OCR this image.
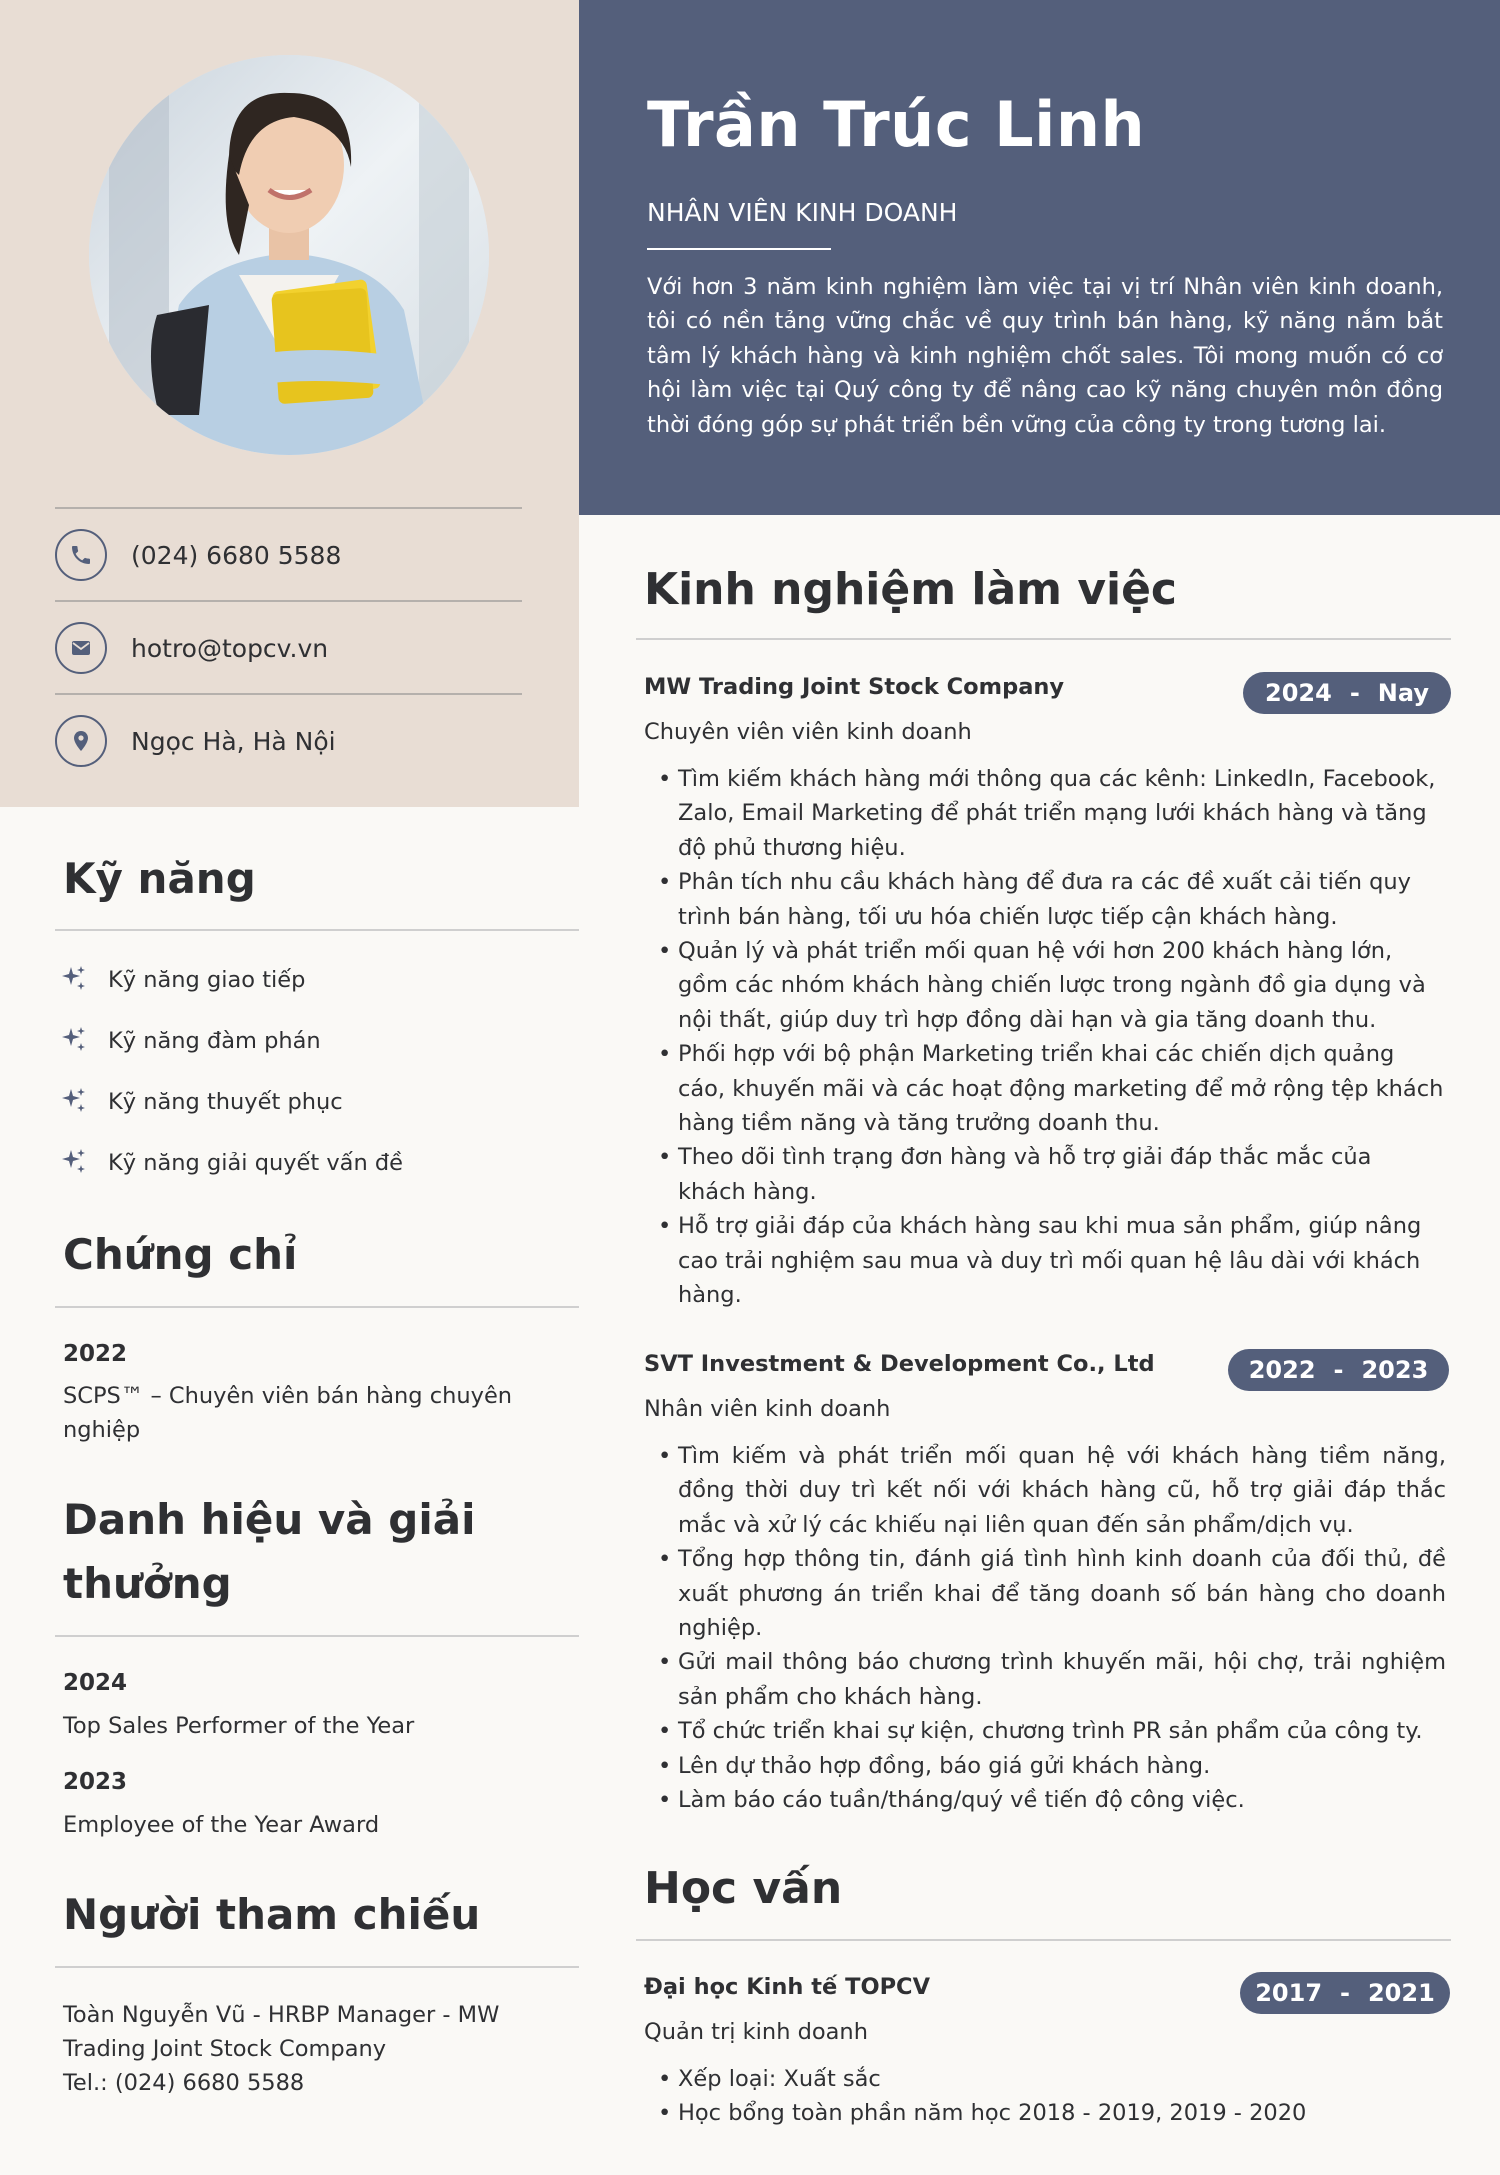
Trần Trúc Linh
NHÂN VIÊN KINH DOANH
Với hơn 3 năm kinh nghiệm làm việc tại vị trí Nhân viên kinh doanh, tôi có nền tảng vững chắc về quy trình bán hàng, kỹ năng nắm bắt tâm lý khách hàng và kinh nghiệm chốt sales. Tôi mong muốn có cơ hội làm việc tại Quý công ty để nâng cao kỹ năng chuyên môn đồng thời đóng góp sự phát triển bền vững của công ty trong tương lai.
(024) 6680 5588
hotro@topcv.vn
Ngọc Hà, Hà Nội
Kỹ năng
Kỹ năng giao tiếp
Kỹ năng đàm phán
Kỹ năng thuyết phục
Kỹ năng giải quyết vấn đề
Chứng chỉ
2022
SCPS™ – Chuyên viên bán hàng chuyên nghiệp
Danh hiệu và giải
thưởng
2024
Top Sales Performer of the Year
2023
Employee of the Year Award
Người tham chiếu
Toàn Nguyễn Vũ - HRBP Manager - MW
Trading Joint Stock Company
Tel.: (024) 6680 5588
Kinh nghiệm làm việc
MW Trading Joint Stock Company	2024 - Nay
Chuyên viên viên kinh doanh
• Tìm kiếm khách hàng mới thông qua các kênh: LinkedIn, Facebook, Zalo, Email Marketing để phát triển mạng lưới khách hàng và tăng độ phủ thương hiệu.
• Phân tích nhu cầu khách hàng để đưa ra các đề xuất cải tiến quy trình bán hàng, tối ưu hóa chiến lược tiếp cận khách hàng.
• Quản lý và phát triển mối quan hệ với hơn 200 khách hàng lớn, gồm các nhóm khách hàng chiến lược trong ngành đồ gia dụng và nội thất, giúp duy trì hợp đồng dài hạn và gia tăng doanh thu.
• Phối hợp với bộ phận Marketing triển khai các chiến dịch quảng cáo, khuyến mãi và các hoạt động marketing để mở rộng tệp khách hàng tiềm năng và tăng trưởng doanh thu.
• Theo dõi tình trạng đơn hàng và hỗ trợ giải đáp thắc mắc của khách hàng.
• Hỗ trợ giải đáp của khách hàng sau khi mua sản phẩm, giúp nâng cao trải nghiệm sau mua và duy trì mối quan hệ lâu dài với khách hàng.
SVT Investment & Development Co., Ltd	2022 - 2023
Nhân viên kinh doanh
• Tìm kiếm và phát triển mối quan hệ với khách hàng tiềm năng, đồng thời duy trì kết nối với khách hàng cũ, hỗ trợ giải đáp thắc mắc và xử lý các khiếu nại liên quan đến sản phẩm/dịch vụ.
• Tổng hợp thông tin, đánh giá tình hình kinh doanh của đối thủ, đề xuất phương án triển khai để tăng doanh số bán hàng cho doanh nghiệp.
• Gửi mail thông báo chương trình khuyến mãi, hội chợ, trải nghiệm sản phẩm cho khách hàng.
• Tổ chức triển khai sự kiện, chương trình PR sản phẩm của công ty.
• Lên dự thảo hợp đồng, báo giá gửi khách hàng.
• Làm báo cáo tuần/tháng/quý về tiến độ công việc.
Học vấn
Đại học Kinh tế TOPCV	2017 - 2021
Quản trị kinh doanh
• Xếp loại: Xuất sắc
• Học bổng toàn phần năm học 2018 - 2019, 2019 - 2020
